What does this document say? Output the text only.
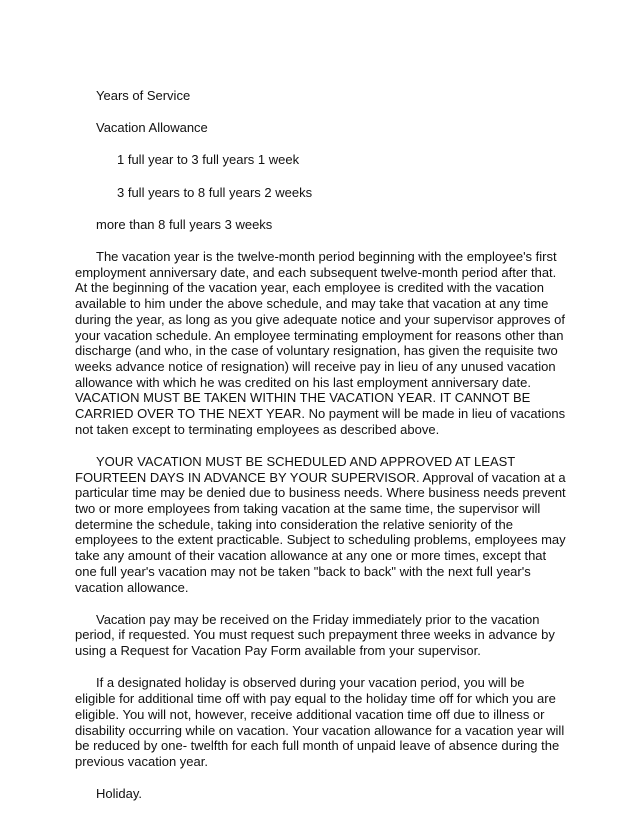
Years of Service

Vacation Allowance

1 full year to 3 full years 1 week

3 full years to 8 full years 2 weeks

more than 8 full years 3 weeks

The vacation year is the twelve-month period beginning with the employee's first employment anniversary date, and each subsequent twelve-month period after that. At the beginning of the vacation year, each employee is credited with the vacation available to him under the above schedule, and may take that vacation at any time during the year, as long as you give adequate notice and your supervisor approves of your vacation schedule. An employee terminating employment for reasons other than discharge (and who, in the case of voluntary resignation, has given the requisite two weeks advance notice of resignation) will receive pay in lieu of any unused vacation allowance with which he was credited on his last employment anniversary date. VACATION MUST BE TAKEN WITHIN THE VACATION YEAR. IT CANNOT BE CARRIED OVER TO THE NEXT YEAR. No payment will be made in lieu of vacations not taken except to terminating employees as described above.

YOUR VACATION MUST BE SCHEDULED AND APPROVED AT LEAST FOURTEEN DAYS IN ADVANCE BY YOUR SUPERVISOR. Approval of vacation at a particular time may be denied due to business needs. Where business needs prevent two or more employees from taking vacation at the same time, the supervisor will determine the schedule, taking into consideration the relative seniority of the employees to the extent practicable. Subject to scheduling problems, employees may take any amount of their vacation allowance at any one or more times, except that one full year's vacation may not be taken "back to back" with the next full year's vacation allowance.

Vacation pay may be received on the Friday immediately prior to the vacation period, if requested. You must request such prepayment three weeks in advance by using a Request for Vacation Pay Form available from your supervisor.

If a designated holiday is observed during your vacation period, you will be eligible for additional time off with pay equal to the holiday time off for which you are eligible. You will not, however, receive additional vacation time off due to illness or disability occurring while on vacation. Your vacation allowance for a vacation year will be reduced by one- twelfth for each full month of unpaid leave of absence during the previous vacation year.

Holiday.
